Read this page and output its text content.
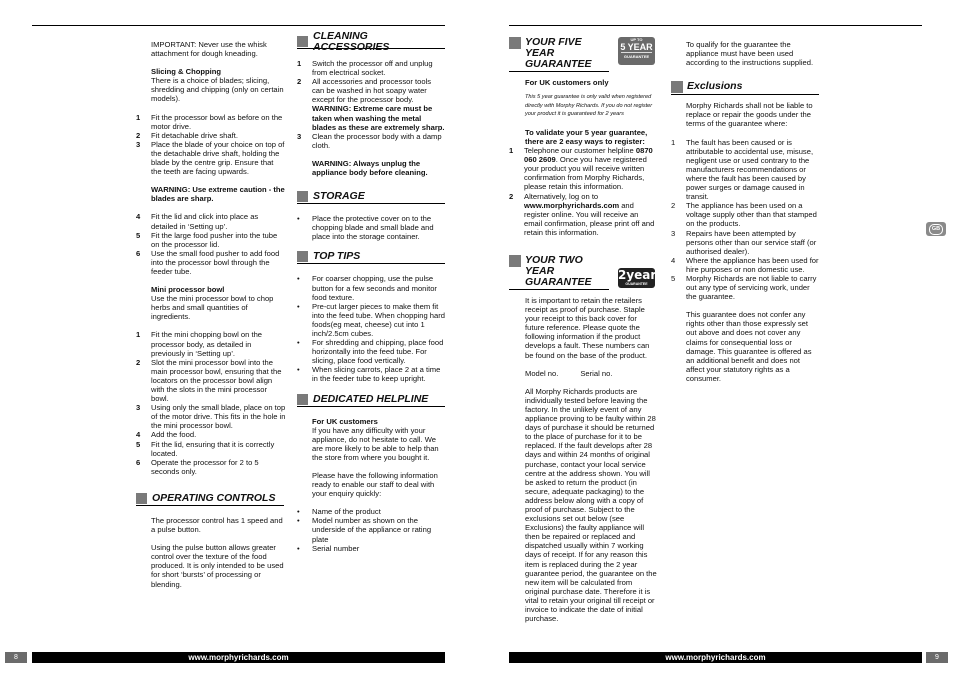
IMPORTANT: Never use the whisk attachment for dough kneading.

Slicing & Chopping

There is a choice of blades; slicing, shredding and chipping (only on certain models).

1	Fit the processor bowl as before on the motor drive.
2	Fit detachable drive shaft.
3	Place the blade of your choice on top of the detachable drive shaft, holding the blade by the centre grip. Ensure that the teeth are facing upwards.

WARNING: Use extreme caution - the blades are sharp.

4	Fit the lid and click into place as detailed in ‘Setting up’.
5	Fit the large food pusher into the tube on the processor lid.
6	Use the small food pusher to add food into the processor bowl through the feeder tube.
Mini processor bowl

Use the mini processor bowl to chop herbs and small quantities of ingredients.

1	Fit the mini chopping bowl on the processor body, as detailed in previously in ‘Setting up’.
2	Slot the mini processor bowl into the main processor bowl, ensuring that the locators on the processor bowl align with the slots in the mini processor bowl.
3	Using only the small blade, place on top of the motor drive. This fits in the hole in the mini processor bowl.
4	Add the food.
5	Fit the lid, ensuring that it is correctly located.
6	Operate the processor for 2 to 5 seconds only.
OPERATING CONTROLS

The processor control has 1 speed and a pulse button.

Using the pulse button allows greater control over the texture of the food produced. It is only intended to be used for short ‘bursts’ of processing or blending.

CLEANING ACCESSORIES
1	Switch the processor off and unplug from electrical socket.
2	All accessories and processor tools can be washed in hot soapy water except for the processor body. WARNING: Extreme care must be taken when washing the metal blades as these are extremely sharp.
3	Clean the processor body with a damp cloth.

WARNING: Always unplug the appliance body before cleaning.

STORAGE
•	Place the protective cover on to the chopping blade and small blade and place into the storage container.
TOP TIPS
•	For coarser chopping, use the pulse button for a few seconds and monitor food texture.
•	Pre-cut larger pieces to make them fit into the feed tube. When chopping hard foods(eg meat, cheese) cut into 1 inch/2.5cm cubes.
•	For shredding and chipping, place food horizontally into the feed tube. For slicing, place food vertically.
•	When slicing carrots, place 2 at a time in the feeder tube to keep upright.
DEDICATED HELPLINE
For UK customers

If you have any difficulty with your appliance, do not hesitate to call. We are more likely to be able to help than the store from where you bought it.

Please have the following information ready to enable our staff to deal with your enquiry quickly:

•	Name of the product
•	Model number as shown on the underside of the appliance or rating plate
•	Serial number
YOUR FIVE YEAR GUARANTEE
For UK customers only

This 5 year guarantee is only valid when registered directly with Morphy Richards. If you do not register your product it is guaranteed for 2 years

To validate your 5 year guarantee, there are 2 easy ways to register:

1	Telephone our customer helpline 0870 060 2609. Once you have registered your product you will receive written confirmation from Morphy Richards, please retain this information.
2	Alternatively, log on to www.morphyrichards.com and register online. You will receive an email confirmation, please print off and retain this information.
YOUR TWO YEAR GUARANTEE

It is important to retain the retailers receipt as proof of purchase. Staple your receipt to this back cover for future reference. Please quote the following information if the product develops a fault. These numbers can be found on the base of the product.

Model no.	Serial no.

All Morphy Richards products are individually tested before leaving the factory. In the unlikely event of any appliance proving to be faulty within 28 days of purchase it should be returned to the place of purchase for it to be replaced. If the fault develops after 28 days and within 24 months of original purchase, contact your local service centre at the address shown. You will be asked to return the product (in secure, adequate packaging) to the address below along with a copy of proof of purchase. Subject to the exclusions set out below (see Exclusions) the faulty appliance will then be repaired or replaced and dispatched usually within 7 working days of receipt. If for any reason this item is replaced during the 2 year guarantee period, the guarantee on the new item will be calculated from original purchase date. Therefore it is vital to retain your original till receipt or invoice to indicate the date of initial purchase.

UP TO
5 YEAR
GUARANTEE
2year
GUARANTEE

To qualify for the guarantee the appliance must have been used according to the instructions supplied.

Exclusions

Morphy Richards shall not be liable to replace or repair the goods under the terms of the guarantee where:

1	The fault has been caused or is attributable to accidental use, misuse, negligent use or used contrary to the manufacturers recommendations or where the fault has been caused by power surges or damage caused in transit.
2	The appliance has been used on a voltage supply other than that stamped on the products.
3	Repairs have been attempted by persons other than our service staff (or authorised dealer).
4	Where the appliance has been used for hire purposes or non domestic use.
5	Morphy Richards are not liable to carry out any type of servicing work, under the guarantee.

This guarantee does not confer any rights other than those expressly set out above and does not cover any claims for consequential loss or damage. This guarantee is offered as an additional benefit and does not affect your statutory rights as a consumer.

GB
8	www.morphyrichards.com	www.morphyrichards.com	9
